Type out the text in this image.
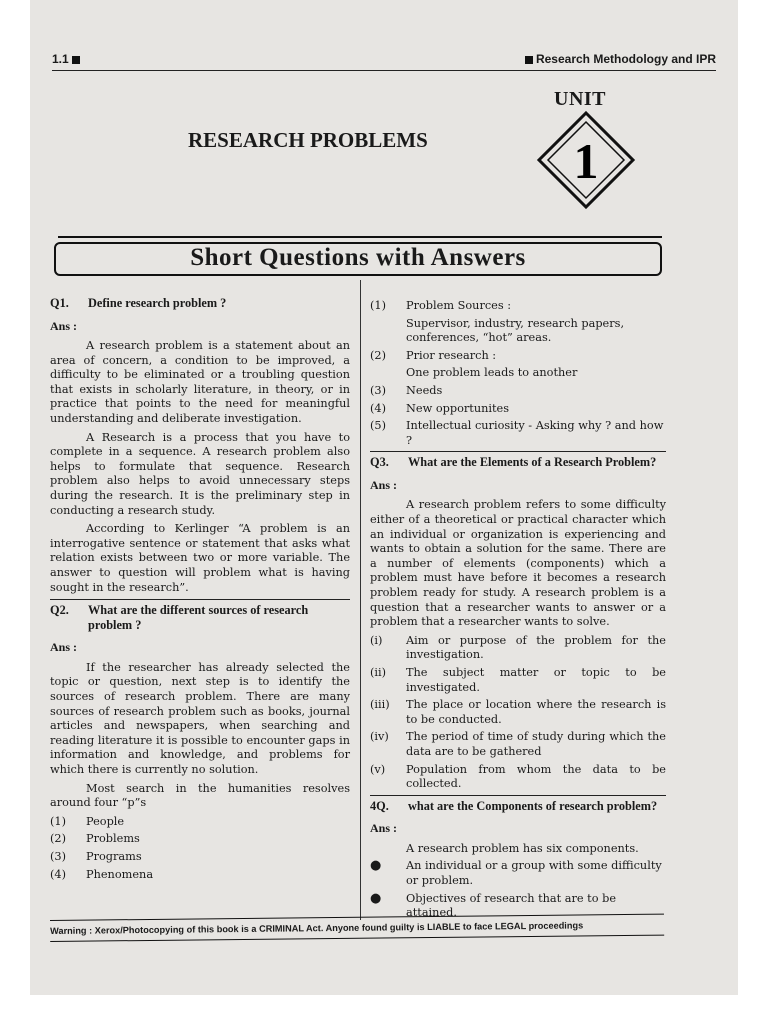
1.1	Research Methodology and IPR
UNIT
1
RESEARCH PROBLEMS
Short Questions with Answers
Q1.	Define research problem ?
Ans :

A research problem is a statement about an area of concern, a condition to be improved, a difficulty to be eliminated or a troubling question that exists in scholarly literature, in theory, or in practice that points to the need for meaningful understanding and deliberate investigation.

A Research is a process that you have to complete in a sequence. A research problem also helps to formulate that sequence. Research problem also helps to avoid unnecessary steps during the research. It is the preliminary step in conducting a research study.

According to Kerlinger “A problem is an interrogative sentence or statement that asks what relation exists between two or more variable. The answer to question will problem what is having sought in the research”.

Q2.	What are the different sources of research problem ?
Ans :

If the researcher has already selected the topic or question, next step is to identify the sources of research problem. There are many sources of research problem such as books, journal articles and newspapers, when searching and reading literature it is possible to encounter gaps in information and knowledge, and problems for which there is currently no solution.

Most search in the humanities resolves around four “p”s

(1)	People
(2)	Problems
(3)	Programs
(4)	Phenomena
(1)	Problem Sources :
Supervisor, industry, research papers, conferences, “hot” areas.
(2)	Prior research :
One problem leads to another
(3)	Needs
(4)	New opportunites
(5)	Intellectual curiosity - Asking why ? and how ?
Q3.	What are the Elements of a Research Problem?
Ans :

A research problem refers to some difficulty either of a theoretical or practical character which an individual or organization is experiencing and wants to obtain a solution for the same. There are a number of elements (components) which a problem must have before it becomes a research problem ready for study. A research problem is a question that a researcher wants to answer or a problem that a researcher wants to solve.

(i)	Aim or purpose of the problem for the investigation.
(ii)	The subject matter or topic to be investigated.
(iii)	The place or location where the research is to be conducted.
(iv)	The period of time of study during which the data are to be gathered
(v)	Population from whom the data to be collected.
4Q.	what are the Components of research problem?
Ans :
A research problem has six components.
●	An individual or a group with some difficulty or problem.
●	Objectives of research that are to be attained.
Warning : Xerox/Photocopying of this book is a CRIMINAL Act. Anyone found guilty is LIABLE to face LEGAL proceedings
